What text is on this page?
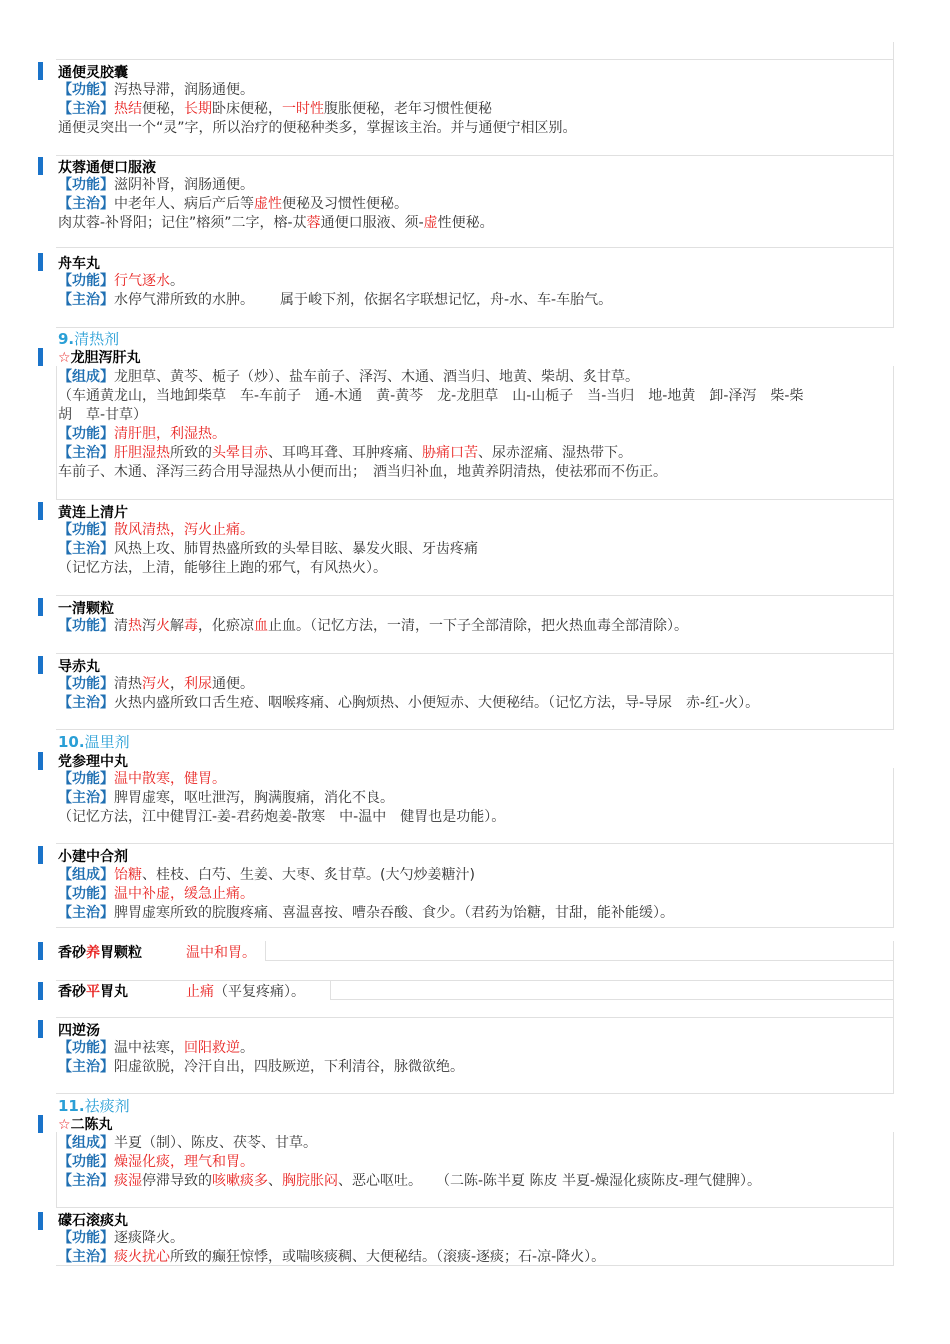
通便灵胶囊
【功能】泻热导滞，润肠通便。
【主治】热结便秘，长期卧床便秘，一时性腹胀便秘，老年习惯性便秘
通便灵突出一个“灵”字，所以治疗的便秘种类多，掌握该主治。并与通便宁相区别。
苁蓉通便口服液
【功能】滋阴补肾，润肠通便。
【主治】中老年人、病后产后等虚性便秘及习惯性便秘。
肉苁蓉-补肾阳；记住”榕须”二字，榕-苁蓉通便口服液、须-虚性便秘。
舟车丸
【功能】行气逐水。
【主治】水停气滞所致的水肿。 属于峻下剂，依据名字联想记忆，舟-水、车-车胎气。
9.清热剂
☆龙胆泻肝丸
【组成】龙胆草、黄芩、栀子（炒）、盐车前子、泽泻、木通、酒当归、地黄、柴胡、炙甘草。
（车通黄龙山，当地卸柴草　车-车前子　通-木通　黄-黄芩　龙-龙胆草　山-山栀子　当-当归　地-地黄　卸-泽泻　柴-柴
胡　草-甘草）
【功能】清肝胆，利湿热。
【主治】肝胆湿热所致的头晕目赤、耳鸣耳聋、耳肿疼痛、胁痛口苦、尿赤涩痛、湿热带下。
车前子、木通、泽泻三药合用导湿热从小便而出；　酒当归补血，地黄养阴清热，使祛邪而不伤正。
黄连上清片
【功能】散风清热，泻火止痛。
【主治】风热上攻、肺胃热盛所致的头晕目眩、暴发火眼、牙齿疼痛
（记忆方法，上清，能够往上跑的邪气，有风热火）。
一清颗粒
【功能】清热泻火解毒，化瘀凉血止血。（记忆方法，一清，一下子全部清除，把火热血毒全部清除）。
导赤丸
【功能】清热泻火，利尿通便。
【主治】火热内盛所致口舌生疮、咽喉疼痛、心胸烦热、小便短赤、大便秘结。（记忆方法，导-导尿　赤-红-火）。
10.温里剂
党参理中丸
【功能】温中散寒，健胃。
【主治】脾胃虚寒，呕吐泄泻，胸满腹痛，消化不良。
（记忆方法，江中健胃江-姜-君药炮姜-散寒　中-温中　健胃也是功能）。
小建中合剂
【组成】饴糖、桂枝、白芍、生姜、大枣、炙甘草。(大勺炒姜糖汁)
【功能】温中补虚，缓急止痛。
【主治】脾胃虚寒所致的脘腹疼痛、喜温喜按、嘈杂吞酸、食少。（君药为饴糖，甘甜，能补能缓）。
香砂养胃颗粒	温中和胃。
香砂平胃丸	止痛（平复疼痛）。
四逆汤
【功能】温中祛寒，回阳救逆。
【主治】阳虚欲脱，冷汗自出，四肢厥逆，下利清谷，脉微欲绝。
11.祛痰剂
☆二陈丸
【组成】半夏（制）、陈皮、茯苓、甘草。
【功能】燥湿化痰，理气和胃。
【主治】痰湿停滞导致的咳嗽痰多、胸脘胀闷、恶心呕吐。 （二陈-陈半夏 陈皮 半夏-燥湿化痰陈皮-理气健脾）。
礞石滚痰丸
【功能】逐痰降火。
【主治】痰火扰心所致的癫狂惊悸，或喘咳痰稠、大便秘结。（滚痰-逐痰；石-凉-降火）。
